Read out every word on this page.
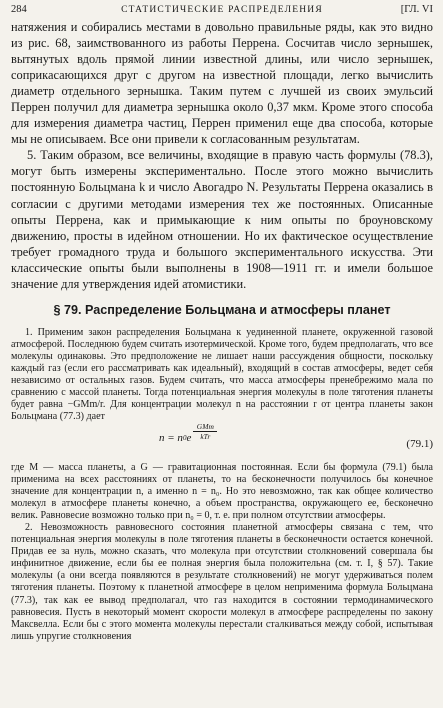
284	СТАТИСТИЧЕСКИЕ РАСПРЕДЕЛЕНИЯ	[ГЛ. VI

натяжения и собирались местами в довольно правильные ряды, как это видно из рис. 68, заимствованного из работы Перрена. Сосчитав число зернышек, вытянутых вдоль прямой линии известной длины, или число зернышек, соприкасающихся друг с другом на известной площади, легко вычислить диаметр отдельного зернышка. Таким путем с лучшей из своих эмульсий Перрен получил для диаметра зернышка около 0,37 мкм. Кроме этого способа для измерения диаметра частиц, Перрен применил еще два способа, которые мы не описываем. Все они привели к согласованным результатам.

5. Таким образом, все величины, входящие в правую часть формулы (78.3), могут быть измерены экспериментально. После этого можно вычислить постоянную Больцмана k и число Авогадро N. Результаты Перрена оказались в согласии с другими методами измерения тех же постоянных. Описанные опыты Перрена, как и примыкающие к ним опыты по броуновскому движению, просты в идейном отношении. Но их фактическое осуществление требует громадного труда и большого экспериментального искусства. Эти классические опыты были выполнены в 1908—1911 гг. и имели большое значение для утверждения идей атомистики.

§ 79. Распределение Больцмана и атмосферы планет

1. Применим закон распределения Больцмана к уединенной планете, окруженной газовой атмосферой. Последнюю будем считать изотермической. Кроме того, будем предполагать, что все молекулы одинаковы. Это предположение не лишает наши рассуждения общности, поскольку каждый газ (если его рассматривать как идеальный), входящий в состав атмосферы, ведет себя независимо от остальных газов. Будем считать, что масса атмосферы пренебрежимо мала по сравнению с массой планеты. Тогда потенциальная энергия молекулы в поле тяготения планеты будет равна −GMm/r. Для концентрации молекул n на расстоянии r от центра планеты закон Больцмана (77.3) дает

n = n 0 e $\frac{\text{GMm}}{\text{kTr}}$
(79.1)

где M — масса планеты, а G — гравитационная постоянная. Если бы формула (79.1) была применима на всех расстояниях от планеты, то на бесконечности получилось бы конечное значение для концентрации n, а именно n = n₀. Но это невозможно, так как общее количество молекул в атмосфере планеты конечно, а объем пространства, окружающего ее, бесконечно велик. Равновесие возможно только при n₀ = 0, т. е. при полном отсутствии атмосферы.

2. Невозможность равновесного состояния планетной атмосферы связана с тем, что потенциальная энергия молекулы в поле тяготения планеты в бесконечности остается конечной. Придав ее за нуль, можно сказать, что молекула при отсутствии столкновений совершала бы инфинитное движение, если бы ее полная энергия была положительна (см. т. I, § 57). Такие молекулы (а они всегда появляются в результате столкновений) не могут удерживаться полем тяготения планеты. Поэтому к планетной атмосфере в целом неприменима формула Больцмана (77.3), так как ее вывод предполагал, что газ находится в состоянии термодинамического равновесия. Пусть в некоторый момент скорости молекул в атмосфере распределены по закону Максвелла. Если бы с этого момента молекулы перестали сталкиваться между собой, испытывая лишь упругие столкновения
